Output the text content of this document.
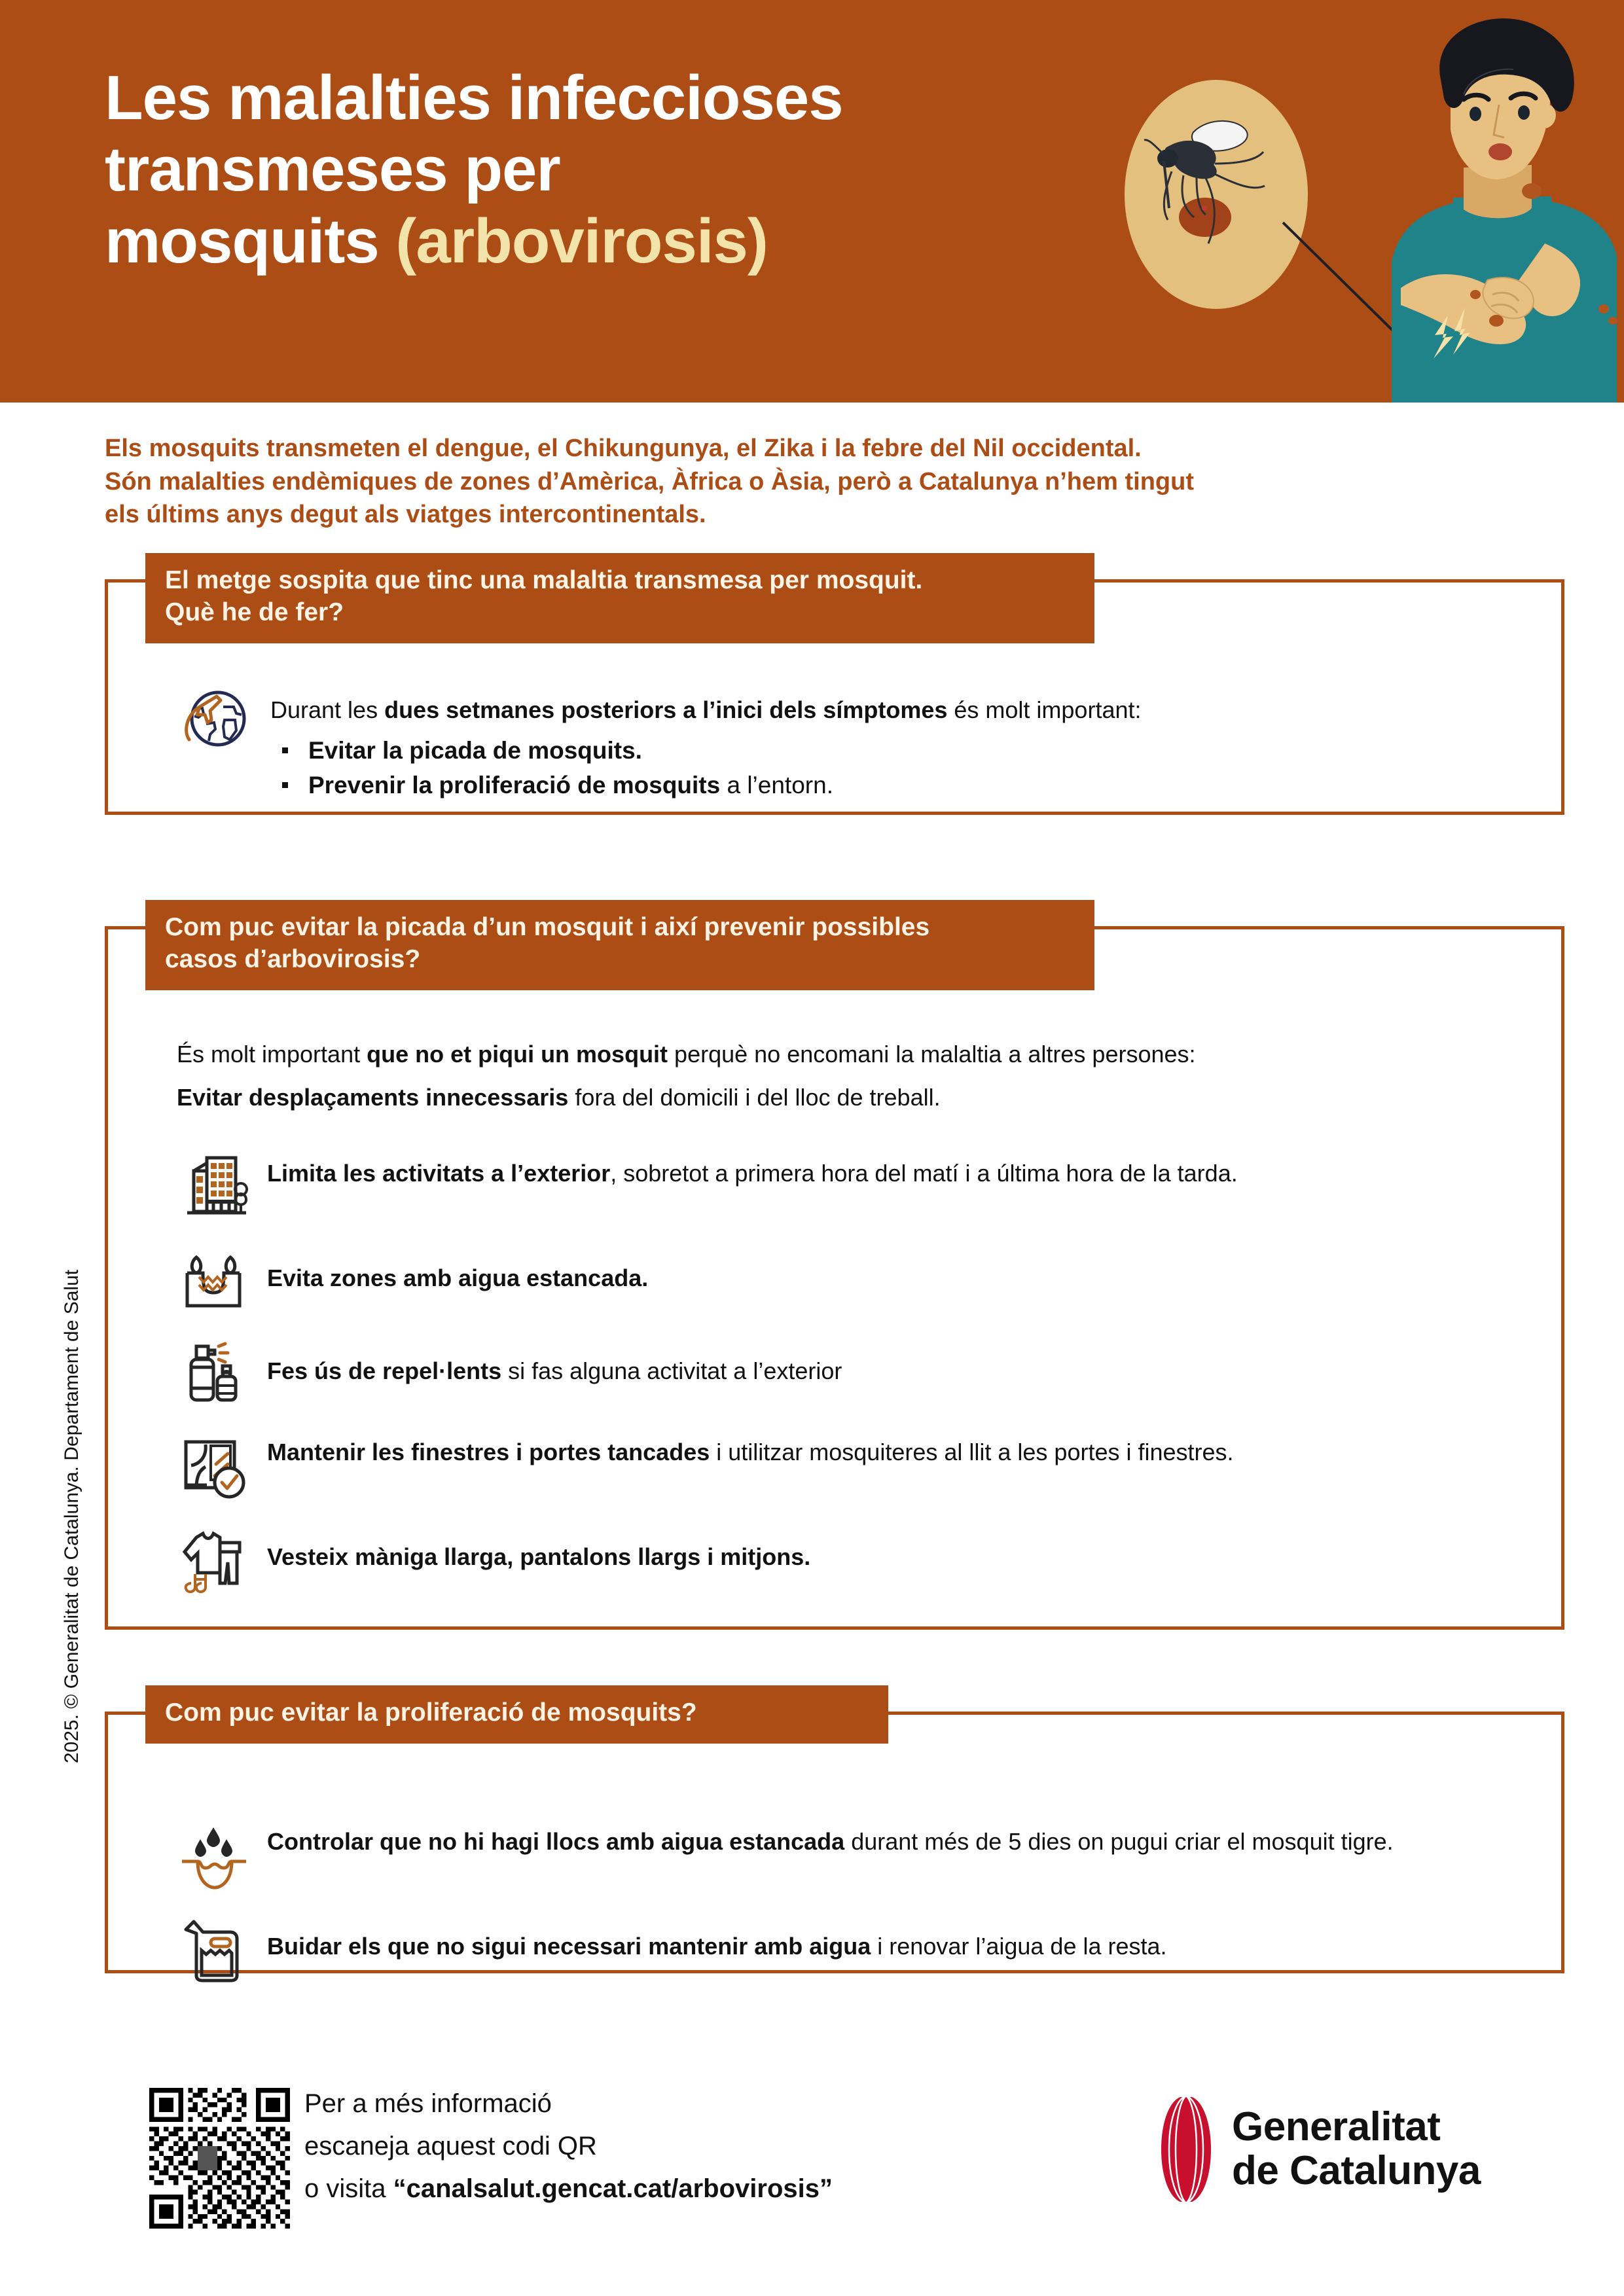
Les malalties infeccioses
transmeses per
mosquits (arbovirosis)
Els mosquits transmeten el dengue, el Chikungunya, el Zika i la febre del Nil occidental.
Són malalties endèmiques de zones d’Amèrica, Àfrica o Àsia, però a Catalunya n’hem tingut
els últims anys degut als viatges intercontinentals.
El metge sospita que tinc una malaltia transmesa per mosquit.
Què he de fer?
Durant les dues setmanes posteriors a l’inici dels símptomes és molt important:
Evitar la picada de mosquits.
Prevenir la proliferació de mosquits a l’entorn.
Com puc evitar la picada d’un mosquit i així prevenir possibles
casos d’arbovirosis?

És molt important que no et piqui un mosquit perquè no encomani la malaltia a altres persones:

Evitar desplaçaments innecessaris fora del domicili i del lloc de treball.

Limita les activitats a l’exterior, sobretot a primera hora del matí i a última hora de la tarda.
Evita zones amb aigua estancada.
Fes ús de repel·lents si fas alguna activitat a l’exterior
Mantenir les finestres i portes tancades i utilitzar mosquiteres al llit a les portes i finestres.
Vesteix màniga llarga, pantalons llargs i mitjons.
Com puc evitar la proliferació de mosquits?
Controlar que no hi hagi llocs amb aigua estancada durant més de 5 dies on pugui criar el mosquit tigre.
Buidar els que no sigui necessari mantenir amb aigua i renovar l’aigua de la resta.
2025. © Generalitat de Catalunya. Departament de Salut
Per a més informació
escaneja aquest codi QR
o visita “canalsalut.gencat.cat/arbovirosis”
Generalitat
de Catalunya
